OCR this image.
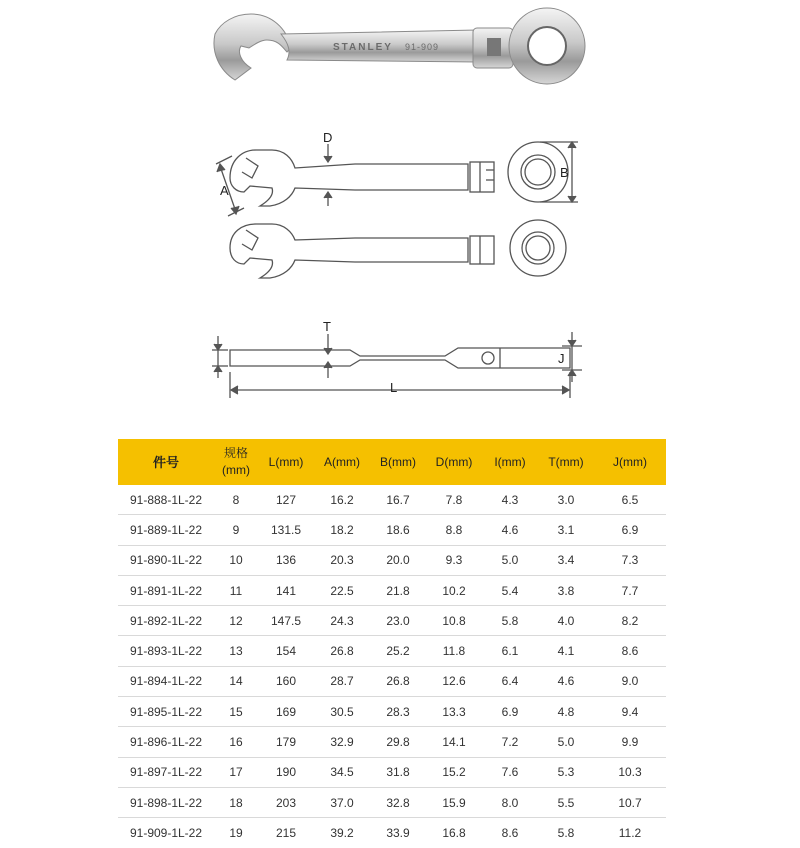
STANLEY 91-909
D
A
B
T
J
L
件号	规格
(mm)	L(mm)	A(mm)	B(mm)	D(mm)	I(mm)	T(mm)	J(mm)
91-888-1L-22	8	127	16.2	16.7	7.8	4.3	3.0	6.5
91-889-1L-22	9	131.5	18.2	18.6	8.8	4.6	3.1	6.9
91-890-1L-22	10	136	20.3	20.0	9.3	5.0	3.4	7.3
91-891-1L-22	11	141	22.5	21.8	10.2	5.4	3.8	7.7
91-892-1L-22	12	147.5	24.3	23.0	10.8	5.8	4.0	8.2
91-893-1L-22	13	154	26.8	25.2	11.8	6.1	4.1	8.6
91-894-1L-22	14	160	28.7	26.8	12.6	6.4	4.6	9.0
91-895-1L-22	15	169	30.5	28.3	13.3	6.9	4.8	9.4
91-896-1L-22	16	179	32.9	29.8	14.1	7.2	5.0	9.9
91-897-1L-22	17	190	34.5	31.8	15.2	7.6	5.3	10.3
91-898-1L-22	18	203	37.0	32.8	15.9	8.0	5.5	10.7
91-909-1L-22	19	215	39.2	33.9	16.8	8.6	5.8	11.2
